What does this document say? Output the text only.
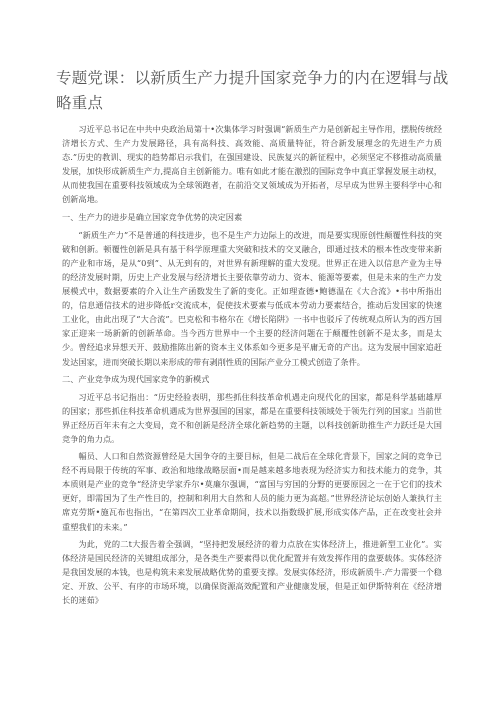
专题党课：以新质生产力提升国家竞争力的内在逻辑与战略重点

习近平总书记在中共中央政治局第十•次集体学习时强调“新质生产力是创新起主导作用，摆脱传统经济增长方式、生产力发展路径，具有高科技、高效能、高质量特征，符合新发展理念的先进生产力质态.”历史的教训、现实的趋势都启示我们，在强国建设、民族复兴的新征程中，必须坚定不移推动高质量发展，加快形成新质生产力,提高自主创新能力。唯有如此才能在激烈的国际竞争中真正掌握发展主动权，从而使我国在重要科技领域成为全球领跑者，在前沿交叉领域成为开拓者，尽早成为世界主要科学中心和创新高地。

一、生产力的进步是确立国家竞争优势的决定因素

“新质生产力”不是普通的科技进步，也不是生产力边际上的改进，而是要实现原创性颠覆性科技的突破和创新。顿覆性创新是具有基于科学原理重大突破和技术的交叉融合，即通过技术的根本性改变带来新的产业和市场，是从“0到”、从无到有的，对世界有新理解的重大发现。世界正在进入以信息产业为主导的经济发展时期，历史上产业发展与经济增长主要依靠劳动力、资本、能源等要素，但是未来的生产力发展模式中，数据要素的介入让生产函数发生了新的变化。正如理查德•鲍德温在《大合流》•书中所指出的，信息通信技术的进步降低r交流成本，促使技术要素与低成本劳动力要素结合，推动后发国家的快速工业化，由此出现了“大合流”。巴克松和韦格尔在《增长陷阱》一书中也驳斥了传统观点所认为的西方国家正迎来一场新新的创新革命。当今西方世界中一个主要的经济问题在于颠覆性创新不是太多，而是太少。曾经追求异想天开、鼓励推陈出新的资本主义体系如今更多是平庸无奇的产出。这为发展中国家追赶发达国家，进而突破长期以来形成的带有剥削性质的国际产业分工模式创造了条件。

二、产业竞争成为现代国家竞争的新模式

习近平总书记指出：“历史经验表明，那些抓住科技革命机遇走向现代化的国家，都是科学基础雄厚的国家；那些抓住科技革命机遇成为世界强国的国家，都是在重要科技领域处于领先行列的国家』当前世界正经历百年未有之大变局，竞不和创新是经济全球化新趋势的主题，以科技创新助推生产力跃迁是大国竞争的角力点。

幅员、人口和自然资源曾经是大国争夺的主要目标，但是二战后在全球化背景下，国家之间的竞争已经不再局限于传统的军事、政治和地缘战略层面•而是越来越多地表现为经济实力和技术能力的竞争，其本质则是产业的竞争“经济史学家乔尔•莫廉尔强调，“富国与穷国的分野的更要原因之一在于它们的技术更好，即需国为了生产性目的，控制和利用大自然和人员的能力更为高超。”世界经济论坛创始人兼执行主席克劳斯•施瓦布也指出，“在第四次工业革命期间，技术以指数级扩展,形成实体产品，正在改变社会并重塑我们的未来。”

为此，党的二t大报告着全强调，“坚持把发展经济的着力点放在实体经济上，推进新型工业化”。实体经济是国民经济的关键组成部分，是各类生产要素得以优化配置并有效发挥作用的盘要载体。实体经济是我国发展的本钱，也是构筑未来发展战略优势的重要支撑。发展实体经济，形成新质牛.产力需要一个稳定、开放、公平、有序的市场环境，以确保资源高效配置和产业健康发展，但是正如伊斯特利在《经济增长的迷茹》
